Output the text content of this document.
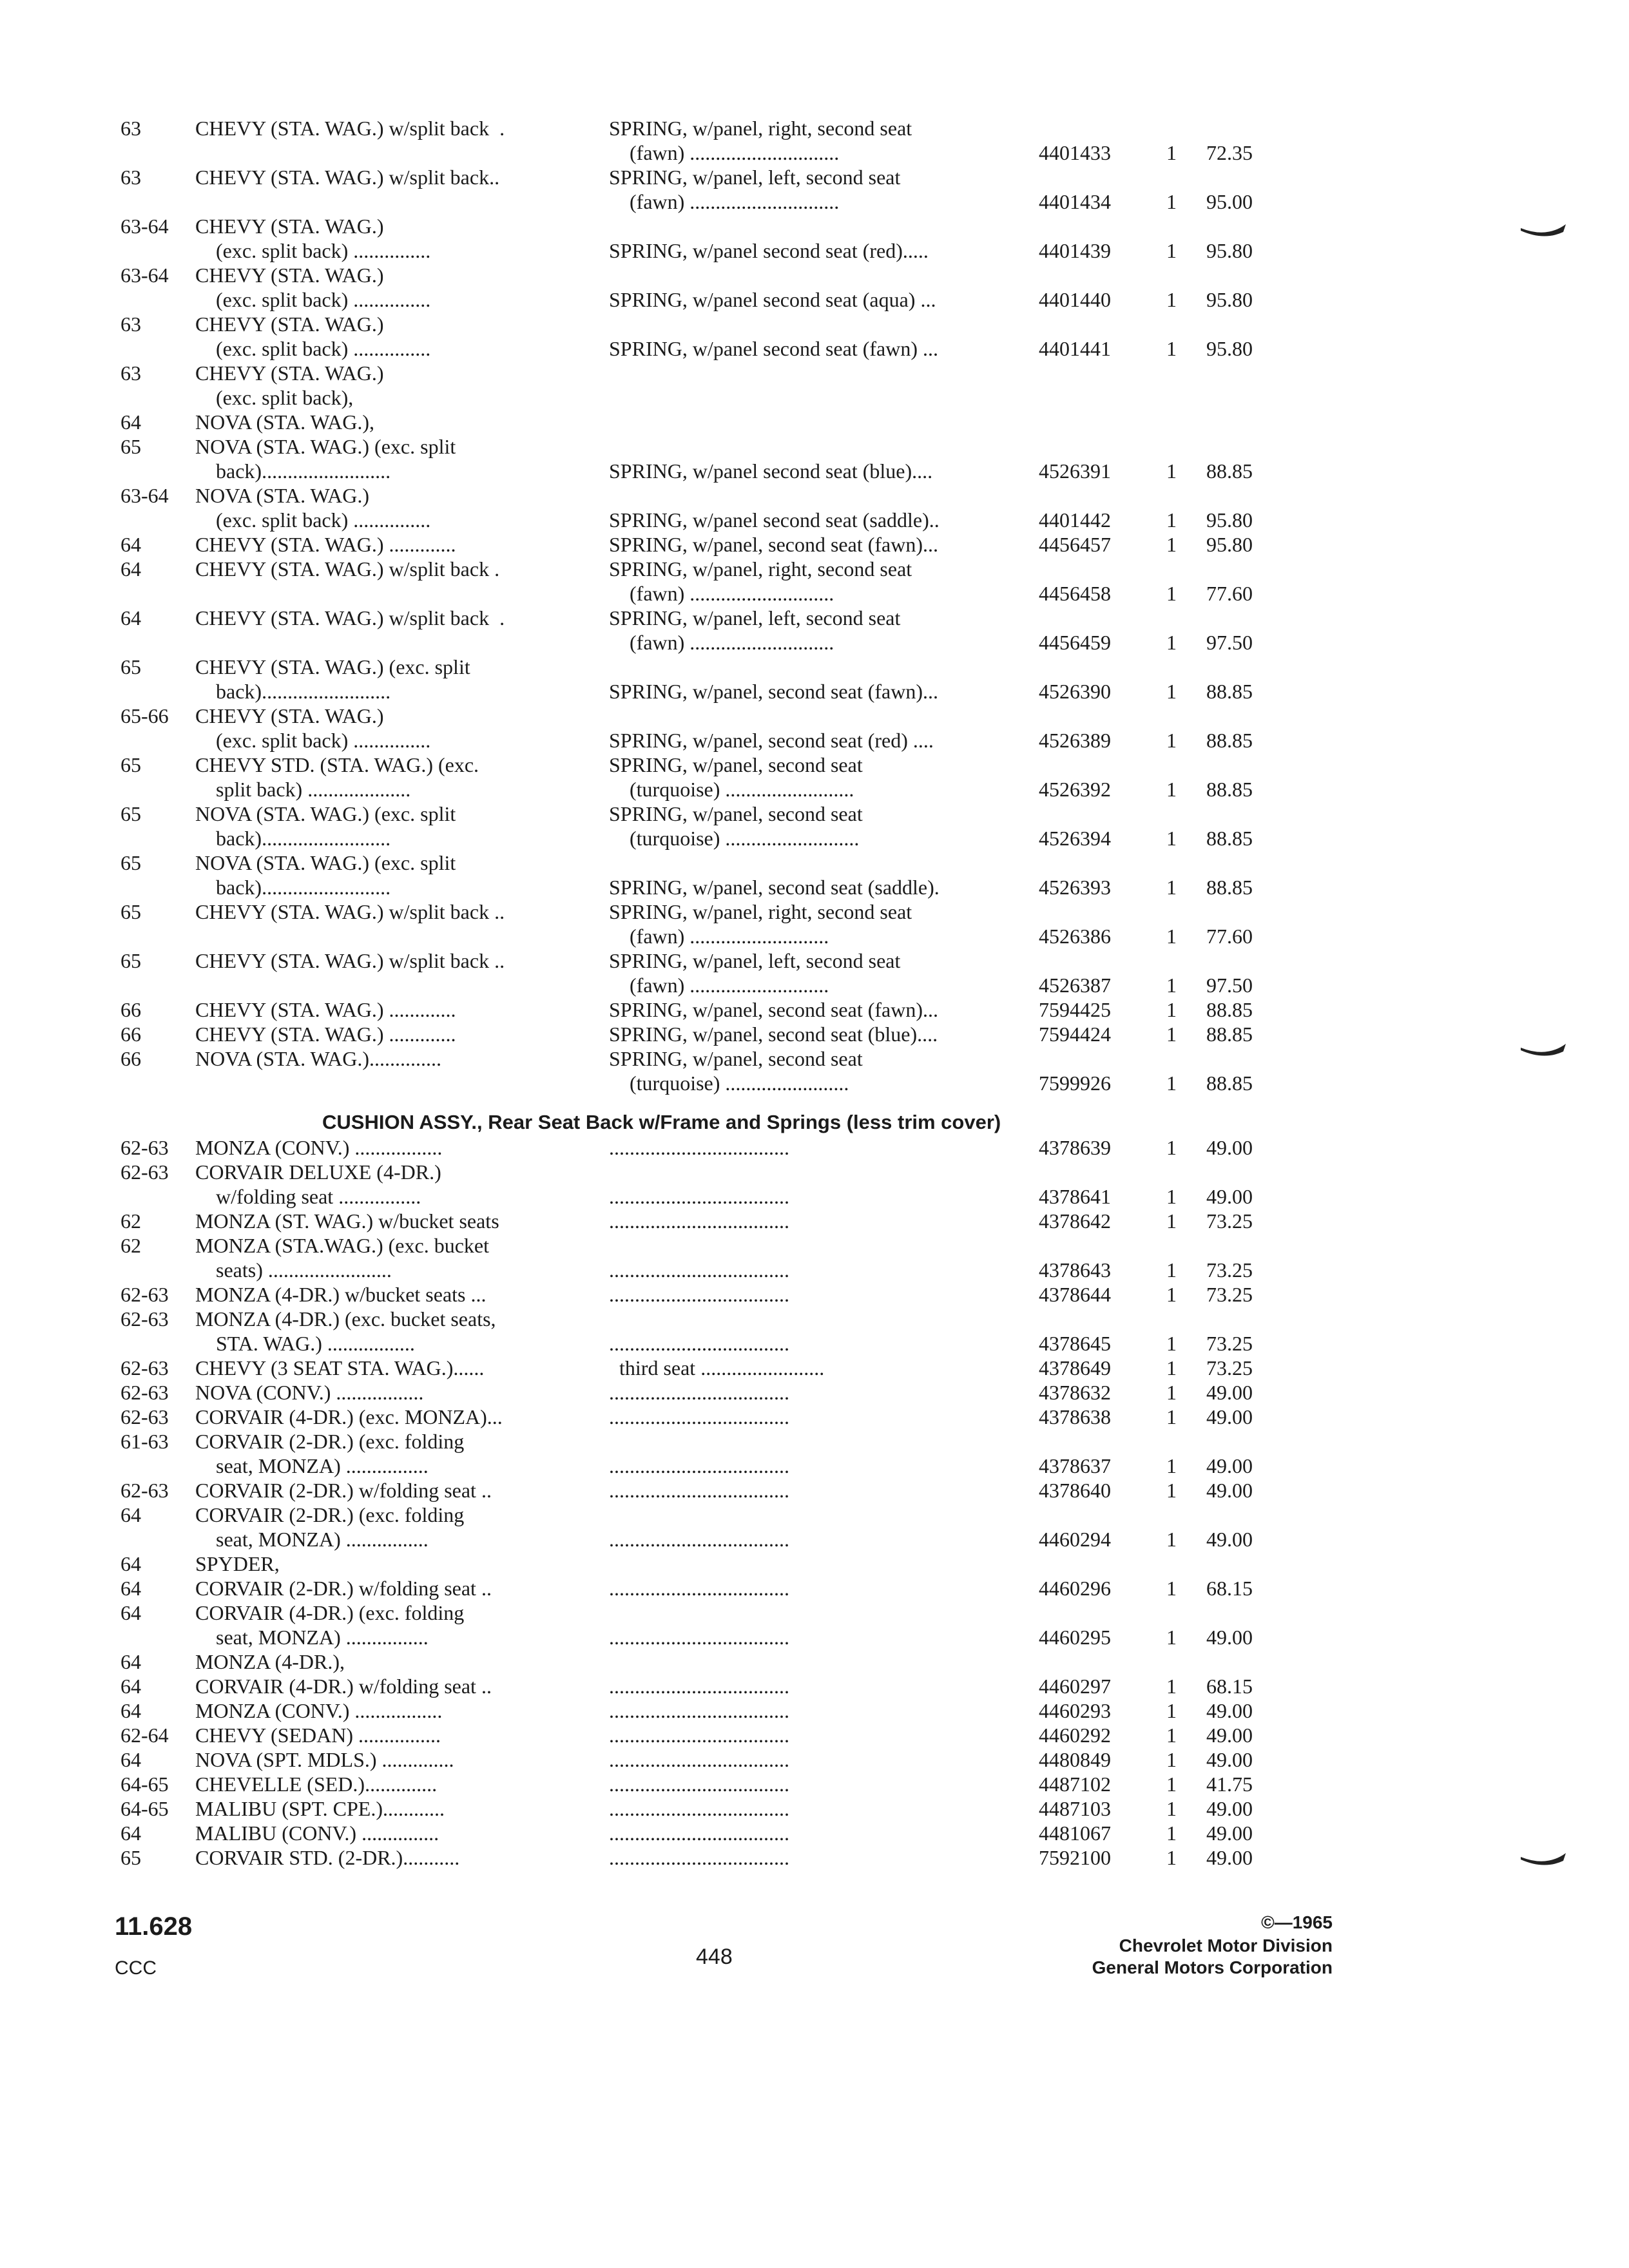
63	CHEVY (STA. WAG.) w/split back  .	SPRING, w/panel, right, second seat
(fawn) .............................	4401433	1 72.35
63	CHEVY (STA. WAG.) w/split back..	SPRING, w/panel, left, second seat
(fawn) .............................	4401434	1 95.00
63-64 CHEVY (STA. WAG.)
(exc. split back) ...............	SPRING, w/panel second seat (red).....	4401439	1 95.80
63-64 CHEVY (STA. WAG.)
(exc. split back) ...............	SPRING, w/panel second seat (aqua) ...	4401440	1 95.80
63	CHEVY (STA. WAG.)
(exc. split back) ...............	SPRING, w/panel second seat (fawn) ...	4401441	1 95.80
63	CHEVY (STA. WAG.)
(exc. split back),
64	NOVA (STA. WAG.),
65	NOVA (STA. WAG.) (exc. split
back).........................	SPRING, w/panel second seat (blue)....	4526391	1 88.85
63-64 NOVA (STA. WAG.)
(exc. split back) ...............	SPRING, w/panel second seat (saddle)..	4401442	1 95.80
64	CHEVY (STA. WAG.) .............	SPRING, w/panel, second seat (fawn)...	4456457	1 95.80
64	CHEVY (STA. WAG.) w/split back .	SPRING, w/panel, right, second seat
(fawn) ............................	4456458	1 77.60
64	CHEVY (STA. WAG.) w/split back  .	SPRING, w/panel, left, second seat
(fawn) ............................	4456459	1 97.50
65	CHEVY (STA. WAG.) (exc. split
back).........................	SPRING, w/panel, second seat (fawn)...	4526390	1 88.85
65-66 CHEVY (STA. WAG.)
(exc. split back) ...............	SPRING, w/panel, second seat (red) ....	4526389	1 88.85
65	CHEVY STD. (STA. WAG.) (exc.	SPRING, w/panel, second seat
split back) ....................	(turquoise) .........................	4526392	1 88.85
65	NOVA (STA. WAG.) (exc. split	SPRING, w/panel, second seat
back).........................	(turquoise) ..........................	4526394	1 88.85
65	NOVA (STA. WAG.) (exc. split
back).........................	SPRING, w/panel, second seat (saddle).	4526393	1 88.85
65	CHEVY (STA. WAG.) w/split back ..	SPRING, w/panel, right, second seat
(fawn) ...........................	4526386	1 77.60
65	CHEVY (STA. WAG.) w/split back ..	SPRING, w/panel, left, second seat
(fawn) ...........................	4526387	1 97.50
66	CHEVY (STA. WAG.) .............	SPRING, w/panel, second seat (fawn)...	7594425	1 88.85
66	CHEVY (STA. WAG.) .............	SPRING, w/panel, second seat (blue)....	7594424	1 88.85
66	NOVA (STA. WAG.)..............	SPRING, w/panel, second seat
(turquoise) ........................	7599926	1 88.85
CUSHION ASSY., Rear Seat Back w/Frame and Springs (less trim cover)
62-63 MONZA (CONV.) .................	...................................	4378639	1 49.00
62-63 CORVAIR DELUXE (4-DR.)
w/folding seat ................	...................................	4378641	1 49.00
62	MONZA (ST. WAG.) w/bucket seats	...................................	4378642	1 73.25
62	MONZA (STA.WAG.) (exc. bucket
seats) ........................	...................................	4378643	1 73.25
62-63 MONZA (4-DR.) w/bucket seats ...	...................................	4378644	1 73.25
62-63 MONZA (4-DR.) (exc. bucket seats,
STA. WAG.) .................	...................................	4378645	1 73.25
62-63 CHEVY (3 SEAT STA. WAG.)......	third seat ........................	4378649	1 73.25
62-63 NOVA (CONV.) .................	...................................	4378632	1 49.00
62-63 CORVAIR (4-DR.) (exc. MONZA)...	...................................	4378638	1 49.00
61-63 CORVAIR (2-DR.) (exc. folding
seat, MONZA) ................	...................................	4378637	1 49.00
62-63 CORVAIR (2-DR.) w/folding seat ..	...................................	4378640	1 49.00
64	CORVAIR (2-DR.) (exc. folding
seat, MONZA) ................	...................................	4460294	1 49.00
64	SPYDER,
64	CORVAIR (2-DR.) w/folding seat ..	...................................	4460296	1 68.15
64	CORVAIR (4-DR.) (exc. folding
seat, MONZA) ................	...................................	4460295	1 49.00
64	MONZA (4-DR.),
64	CORVAIR (4-DR.) w/folding seat ..	...................................	4460297	1 68.15
64	MONZA (CONV.) .................	...................................	4460293	1 49.00
62-64 CHEVY (SEDAN) ................	...................................	4460292	1 49.00
64	NOVA (SPT. MDLS.) ..............	...................................	4480849	1 49.00
64-65 CHEVELLE (SED.)..............	...................................	4487102	1 41.75
64-65 MALIBU (SPT. CPE.)............	...................................	4487103	1 49.00
64	MALIBU (CONV.) ...............	...................................	4481067	1 49.00
65	CORVAIR STD. (2-DR.)...........	...................................	7592100	1 49.00
11.628
CCC	448
©—1965
Chevrolet Motor Division
General Motors Corporation
